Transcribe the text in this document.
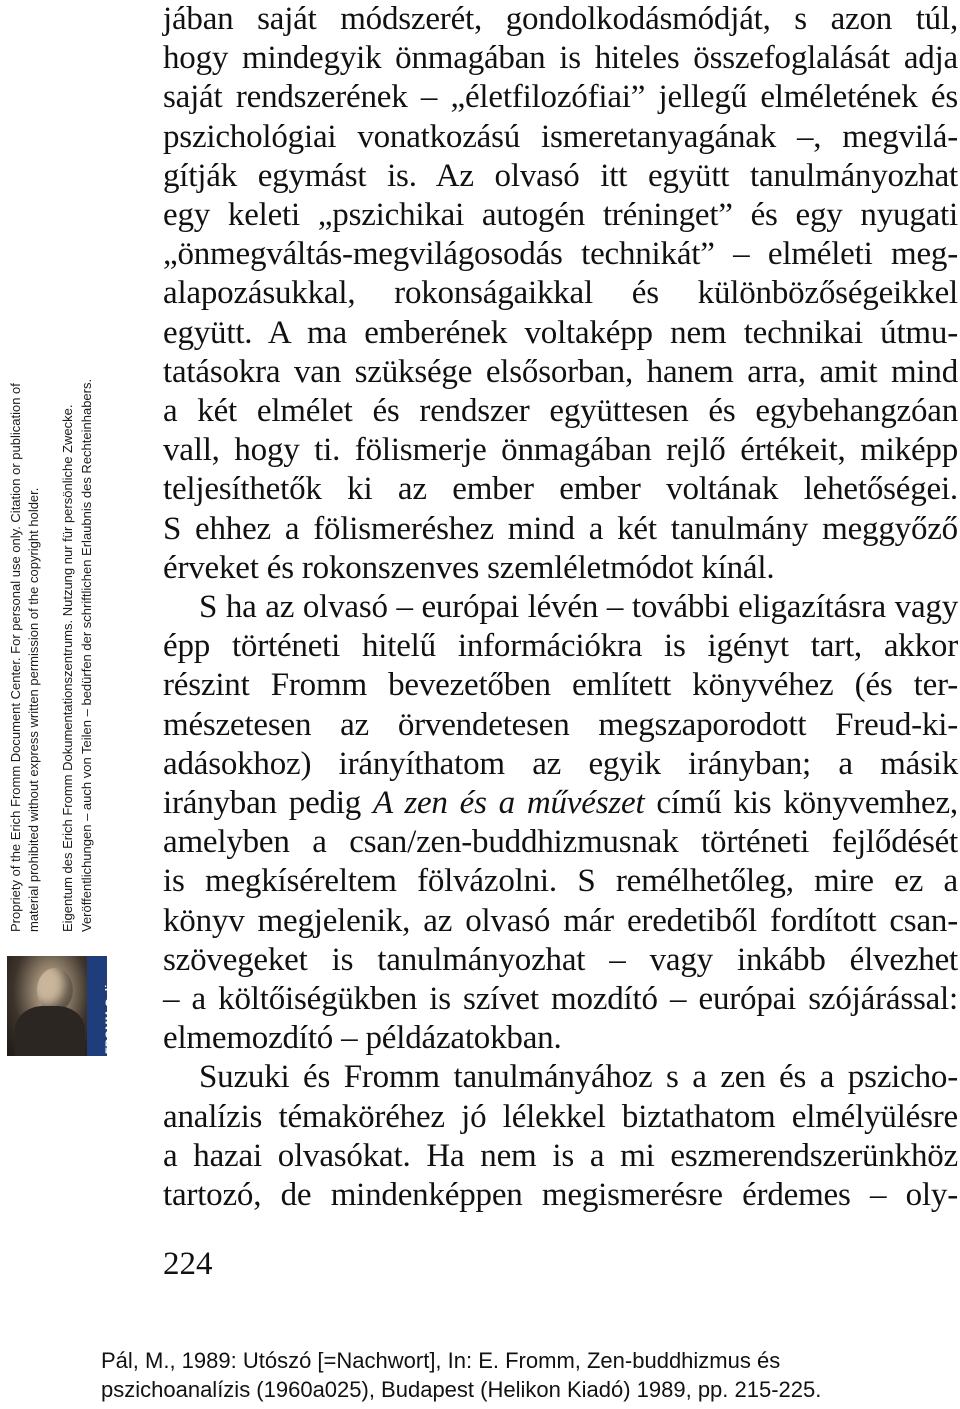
Propriety of the Erich Fromm Document Center. For personal use only. Citation or publication of material prohibited without express written permission of the copyright holder. Eigentum des Erich Fromm Dokumentationszentrums. Nutzung nur für persönliche Zwecke. Veröffentlichungen – auch von Teilen – bedürfen der schriftlichen Erlaubnis des Rechteinhabers.
FROMM-Online

jában saját módszerét, gondolkodásmódját, s azon túl,

hogy mindegyik önmagában is hiteles összefoglalását adja

saját rendszerének – „életfilozófiai” jellegű elméletének és

pszichológiai vonatkozású ismeretanyagának –, megvilá-

gítják egymást is. Az olvasó itt együtt tanulmányozhat

egy keleti „pszichikai autogén tréninget” és egy nyugati

„önmegváltás-megvilágosodás technikát” – elméleti meg-

alapozásukkal, rokonságaikkal és különbözőségeikkel

együtt. A ma emberének voltaképp nem technikai útmu-

tatásokra van szüksége elsősorban, hanem arra, amit mind

a két elmélet és rendszer együttesen és egybehangzóan

vall, hogy ti. fölismerje önmagában rejlő értékeit, miképp

teljesíthetők ki az ember ember voltának lehetőségei.

S ehhez a fölismeréshez mind a két tanulmány meggyőző

érveket és rokonszenves szemléletmódot kínál.

S ha az olvasó – európai lévén – további eligazításra vagy

épp történeti hitelű információkra is igényt tart, akkor

részint Fromm bevezetőben említett könyvéhez (és ter-

mészetesen az örvendetesen megszaporodott Freud-ki-

adásokhoz) irányíthatom az egyik irányban; a másik

irányban pedig A zen és a művészet című kis könyvemhez,

amelyben a csan/zen-buddhizmusnak történeti fejlődését

is megkíséreltem fölvázolni. S remélhetőleg, mire ez a

könyv megjelenik, az olvasó már eredetiből fordított csan-

szövegeket is tanulmányozhat – vagy inkább élvezhet

– a költőiségükben is szívet mozdító – európai szójárással:

elmemozdító – példázatokban.

Suzuki és Fromm tanulmányához s a zen és a pszicho-

analízis témaköréhez jó lélekkel biztathatom elmélyülésre

a hazai olvasókat. Ha nem is a mi eszmerendszerünkhöz

tartozó, de mindenképpen megismerésre érdemes – oly-

224
Pál, M., 1989: Utószó [=Nachwort], In: E. Fromm, Zen-buddhizmus és
pszichoanalízis (1960a025), Budapest (Helikon Kiadó) 1989, pp. 215-225.
